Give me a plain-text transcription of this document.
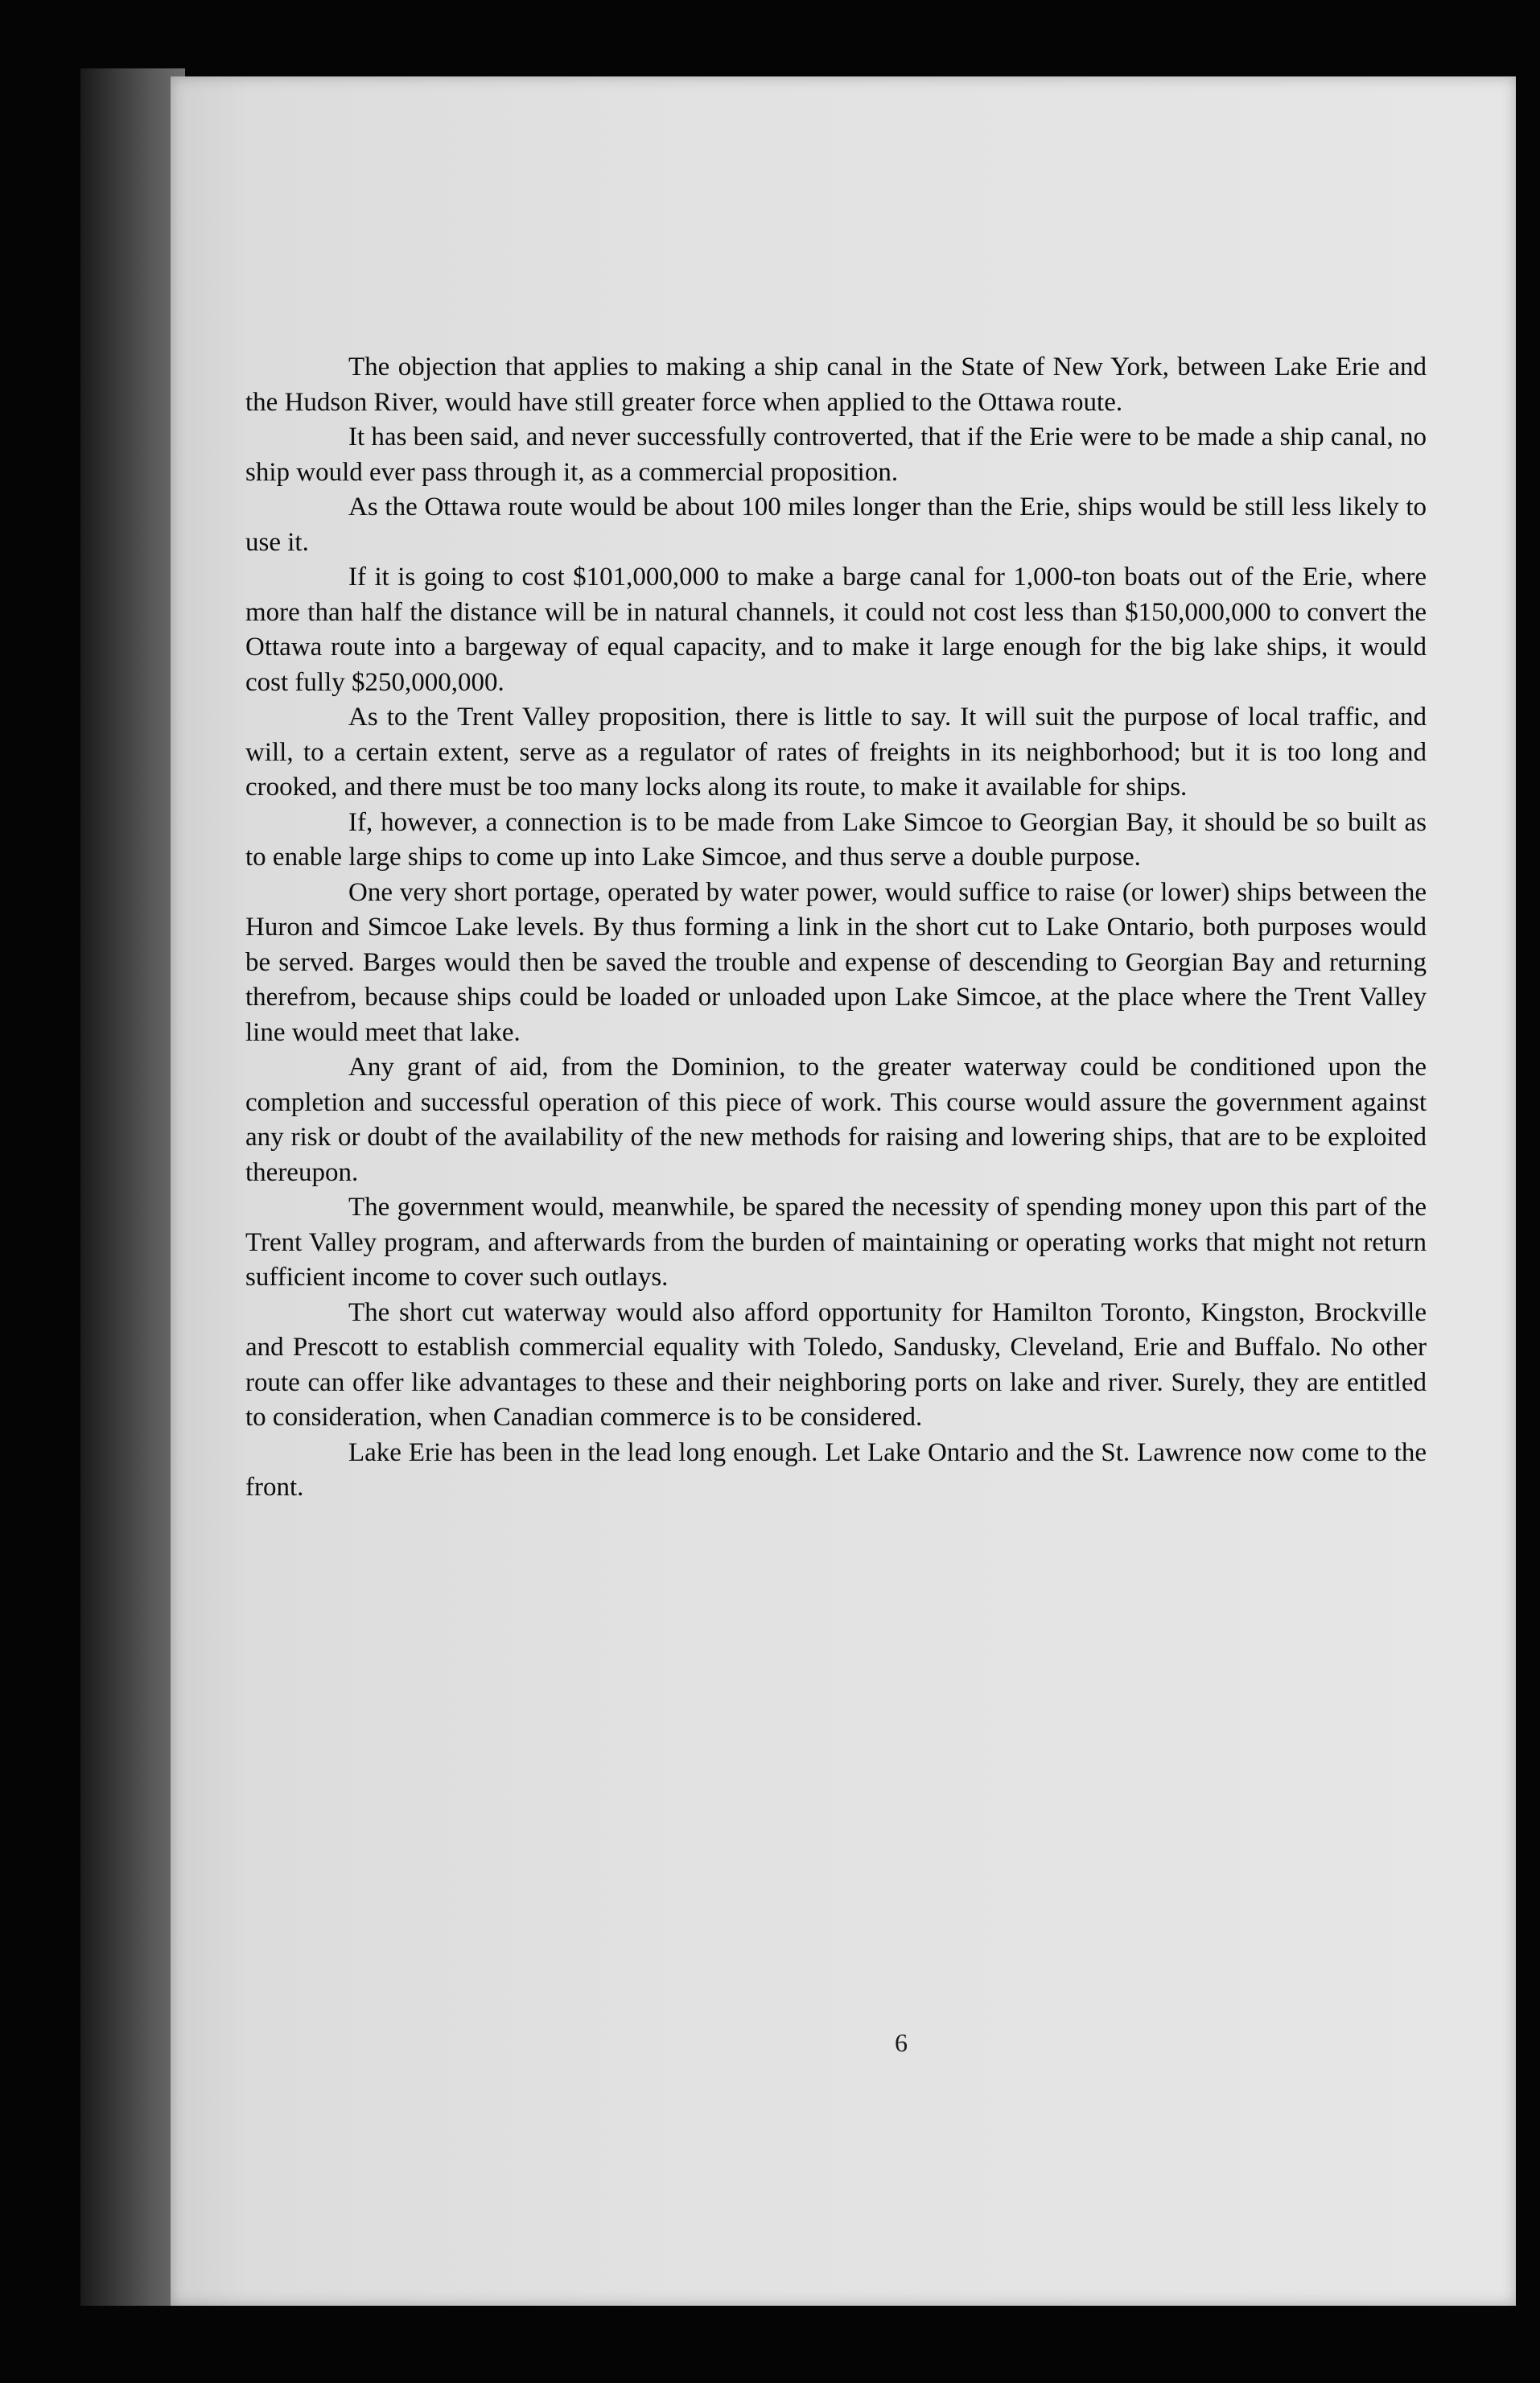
The objection that applies to making a ship canal in the State of New York, between Lake Erie and the Hudson River, would have still greater force when applied to the Ottawa route.

It has been said, and never successfully controverted, that if the Erie were to be made a ship canal, no ship would ever pass through it, as a commercial proposition.

As the Ottawa route would be about 100 miles longer than the Erie, ships would be still less likely to use it.

If it is going to cost $101,000,000 to make a barge canal for 1,000-ton boats out of the Erie, where more than half the distance will be in natural channels, it could not cost less than $150,000,000 to convert the Ottawa route into a bargeway of equal capacity, and to make it large enough for the big lake ships, it would cost fully $250,000,000.

As to the Trent Valley proposition, there is little to say. It will suit the purpose of local traffic, and will, to a certain extent, serve as a regulator of rates of freights in its neighborhood; but it is too long and crooked, and there must be too many locks along its route, to make it available for ships.

If, however, a connection is to be made from Lake Simcoe to Georgian Bay, it should be so built as to enable large ships to come up into Lake Simcoe, and thus serve a double purpose.

One very short portage, operated by water power, would suffice to raise (or lower) ships between the Huron and Simcoe Lake levels. By thus forming a link in the short cut to Lake Ontario, both purposes would be served. Barges would then be saved the trouble and expense of descending to Georgian Bay and returning therefrom, because ships could be loaded or unloaded upon Lake Simcoe, at the place where the Trent Valley line would meet that lake.

Any grant of aid, from the Dominion, to the greater waterway could be conditioned upon the completion and successful operation of this piece of work. This course would assure the government against any risk or doubt of the availability of the new methods for raising and lowering ships, that are to be exploited thereupon.

The government would, meanwhile, be spared the necessity of spending money upon this part of the Trent Valley program, and afterwards from the burden of maintaining or operating works that might not return sufficient income to cover such outlays.

The short cut waterway would also afford opportunity for Hamilton Toronto, Kingston, Brockville and Prescott to establish commercial equality with Toledo, Sandusky, Cleveland, Erie and Buffalo. No other route can offer like advantages to these and their neighboring ports on lake and river. Surely, they are entitled to consideration, when Canadian commerce is to be considered.

Lake Erie has been in the lead long enough. Let Lake Ontario and the St. Lawrence now come to the front.

6
